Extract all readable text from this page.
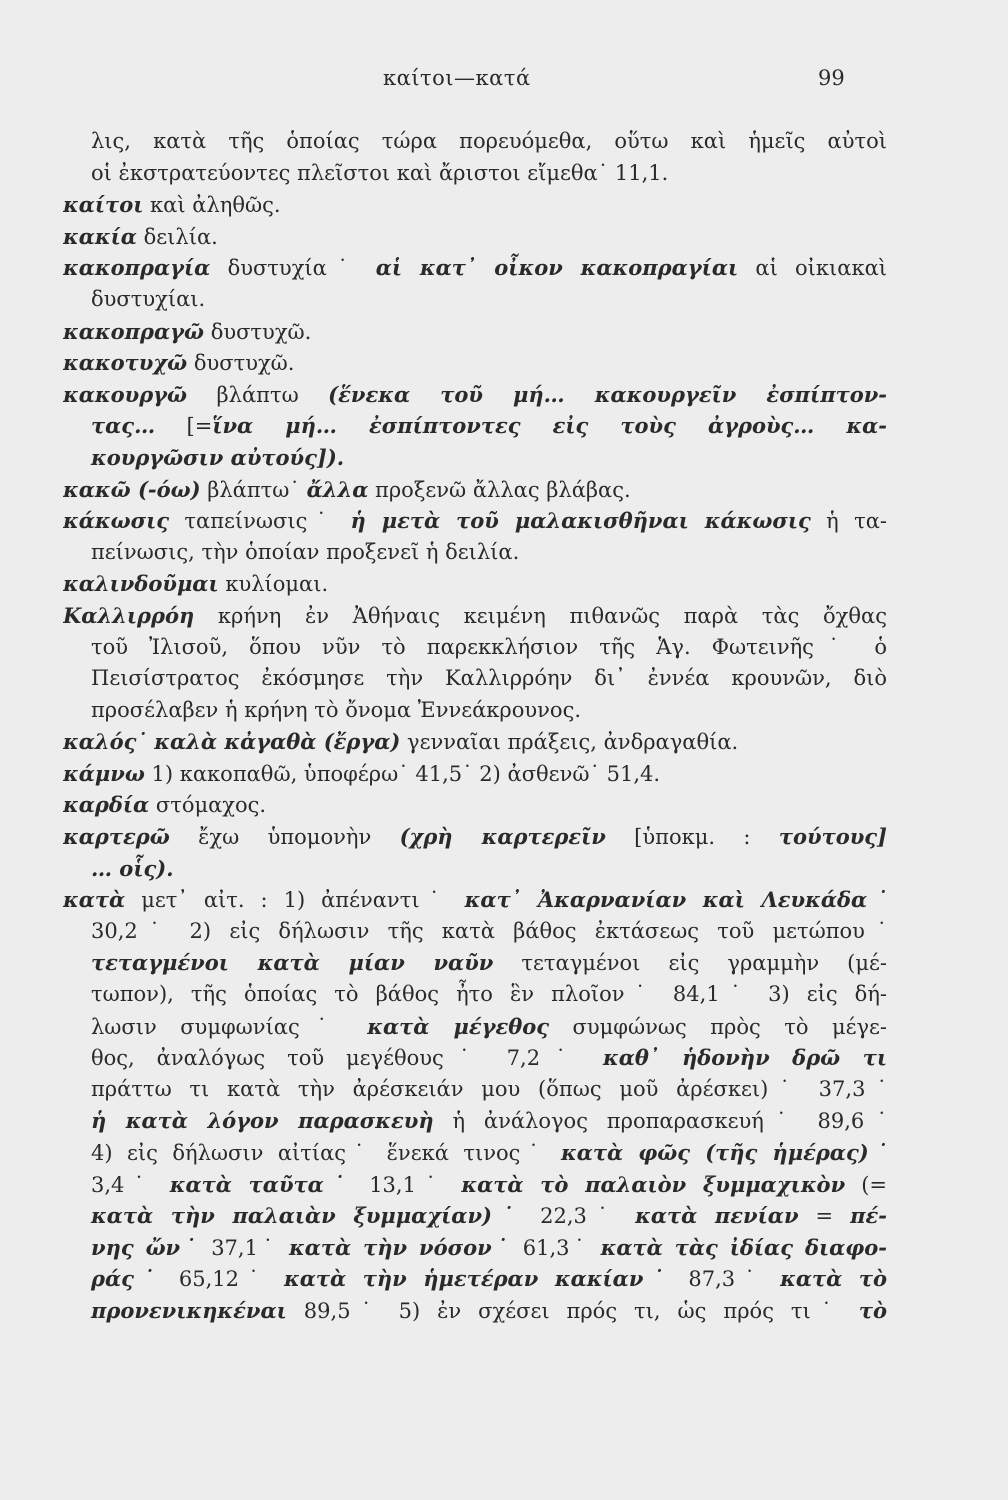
καίτοι—κατά	99
λις, κατὰ τῆς ὁποίας τώρα πορευόμεθα, οὕτω καὶ ἡμεῖς αὐτοὶ
οἱ ἐκστρατεύοντες πλεῖστοι καὶ ἄριστοι εἴμεθα˙ 11,1.
καίτοι καὶ ἀληθῶς.
κακία δειλία.
κακοπραγία δυστυχία˙ αἱ κατ᾽ οἶκον κακοπραγίαι αἱ οἰκιακαὶ
δυστυχίαι.
κακοπραγῶ δυστυχῶ.
κακοτυχῶ δυστυχῶ.
κακουργῶ βλάπτω (ἕνεκα τοῦ μή… κακουργεῖν ἐσπίπτον-
τας… [=ἵνα μή… ἐσπίπτοντες εἰς τοὺς ἀγροὺς… κα-
κουργῶσιν αὐτούς]).
κακῶ (-όω) βλάπτω˙ ἄλλα προξενῶ ἄλλας βλάβας.
κάκωσις ταπείνωσις˙ ἡ μετὰ τοῦ μαλακισθῆναι κάκωσις ἡ τα-
πείνωσις, τὴν ὁποίαν προξενεῖ ἡ δειλία.
καλινδοῦμαι κυλίομαι.
Καλλιρρόη κρήνη ἐν Ἀθήναις κειμένη πιθανῶς παρὰ τὰς ὄχθας
τοῦ Ἰλισοῦ, ὅπου νῦν τὸ παρεκκλήσιον τῆς Ἁγ. Φωτεινῆς˙ ὁ
Πεισίστρατος ἐκόσμησε τὴν Καλλιρρόην δι᾽ ἐννέα κρουνῶν, διὸ
προσέλαβεν ἡ κρήνη τὸ ὄνομα Ἐννεάκρουνος.
καλός˙ καλὰ κἀγαθὰ (ἔργα) γενναῖαι πράξεις, ἀνδραγαθία.
κάμνω 1) κακοπαθῶ, ὑποφέρω˙ 41,5˙ 2) ἀσθενῶ˙ 51,4.
καρδία στόμαχος.
καρτερῶ ἔχω ὑπομονὴν (χρὴ καρτερεῖν [ὑποκμ. : τούτους]
… οἷς).
κατὰ μετ᾽ αἰτ. : 1) ἀπέναντι˙ κατ᾽ Ἀκαρνανίαν καὶ Λευκάδα˙
30,2˙ 2) εἰς δήλωσιν τῆς κατὰ βάθος ἐκτάσεως τοῦ μετώπου˙
τεταγμένοι κατὰ μίαν ναῦν τεταγμένοι εἰς γραμμὴν (μέ-
τωπον), τῆς ὁποίας τὸ βάθος ἦτο ἓν πλοῖον˙ 84,1˙ 3) εἰς δή-
λωσιν συμφωνίας˙ κατὰ μέγεθος συμφώνως πρὸς τὸ μέγε-
θος, ἀναλόγως τοῦ μεγέθους˙ 7,2˙ καθ᾽ ἡδονὴν δρῶ τι
πράττω τι κατὰ τὴν ἀρέσκειάν μου (ὅπως μοῦ ἀρέσκει)˙ 37,3˙
ἡ κατὰ λόγον παρασκευὴ ἡ ἀνάλογος προπαρασκευή˙ 89,6˙
4) εἰς δήλωσιν αἰτίας˙ ἕνεκά τινος˙ κατὰ φῶς (τῆς ἡμέρας)˙
3,4˙ κατὰ ταῦτα˙ 13,1˙ κατὰ τὸ παλαιὸν ξυμμαχικὸν (=
κατὰ τὴν παλαιὰν ξυμμαχίαν)˙ 22,3˙ κατὰ πενίαν = πέ-
νης ὤν˙ 37,1˙ κατὰ τὴν νόσον˙ 61,3˙ κατὰ τὰς ἰδίας διαφο-
ράς˙ 65,12˙ κατὰ τὴν ἡμετέραν κακίαν˙ 87,3˙ κατὰ τὸ
προνενικηκέναι 89,5˙ 5) ἐν σχέσει πρός τι, ὡς πρός τι˙ τὸ
